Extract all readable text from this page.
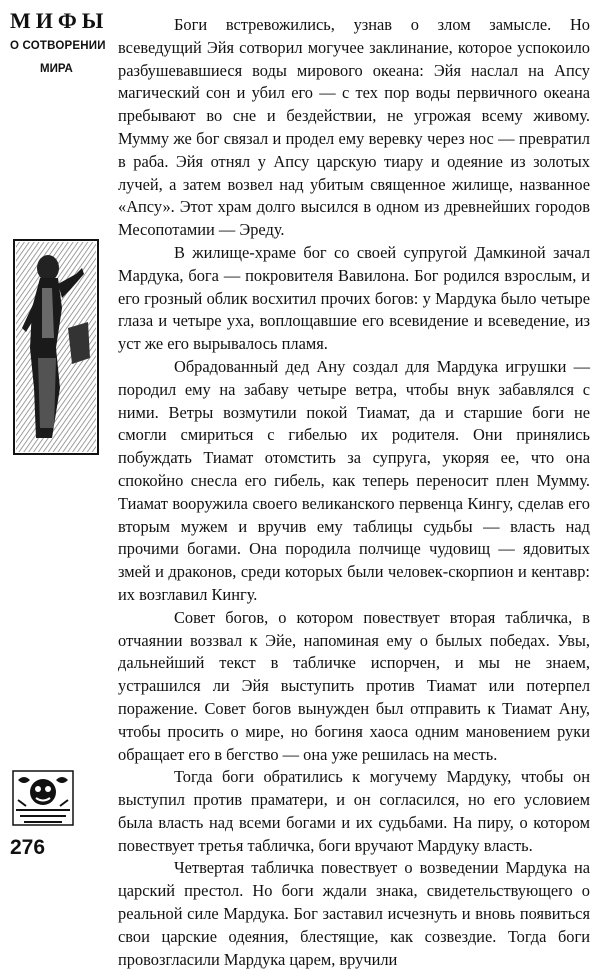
МИФЫ
О СОТВОРЕНИИ
МИРА
276

Боги встревожились, узнав о злом замысле. Но всеведущий Эйя сотворил могучее заклинание, которое успокоило разбушевавшиеся воды мирового океана: Эйя наслал на Апсу магический сон и убил его — с тех пор воды первичного океана пребывают во сне и бездействии, не угрожая всему живому. Мумму же бог связал и продел ему веревку через нос — превратил в раба. Эйя отнял у Апсу царскую тиару и одеяние из золотых лучей, а затем возвел над убитым священное жилище, названное «Апсу». Этот храм долго высился в одном из древнейших городов Месопотамии — Эреду.

В жилище-храме бог со своей супругой Дамкиной зачал Мардука, бога — покровителя Вавилона. Бог родился взрослым, и его грозный облик восхитил прочих богов: у Мардука было четыре глаза и четыре уха, воплощавшие его всевидение и всеведение, из уст же его вырывалось пламя.

Обрадованный дед Ану создал для Мардука игрушки — породил ему на забаву четыре ветра, чтобы внук забавлялся с ними. Ветры возмутили покой Тиамат, да и старшие боги не смогли смириться с гибелью их родителя. Они принялись побуждать Тиамат отомстить за супруга, укоряя ее, что она спокойно снесла его гибель, как теперь переносит плен Мумму. Тиамат вооружила своего великанского первенца Кингу, сделав его вторым мужем и вручив ему таблицы судьбы — власть над прочими богами. Она породила полчище чудовищ — ядовитых змей и драконов, среди которых были человек-скорпион и кентавр: их возглавил Кингу.

Совет богов, о котором повествует вторая табличка, в отчаянии воззвал к Эйе, напоминая ему о былых победах. Увы, дальнейший текст в табличке испорчен, и мы не знаем, устрашился ли Эйя выступить против Тиамат или потерпел поражение. Совет богов вынужден был отправить к Тиамат Ану, чтобы просить о мире, но богиня хаоса одним мановением руки обращает его в бегство — она уже решилась на месть.

Тогда боги обратились к могучему Мардуку, чтобы он выступил против праматери, и он согласился, но его условием была власть над всеми богами и их судьбами. На пиру, о котором повествует третья табличка, боги вручают Мардуку власть.

Четвертая табличка повествует о возведении Мардука на царский престол. Но боги ждали знака, свидетельствующего о реальной силе Мардука. Бог заставил исчезнуть и вновь появиться свои царские одеяния, блестящие, как созвездие. Тогда боги провозгласили Мардука царем, вручили
